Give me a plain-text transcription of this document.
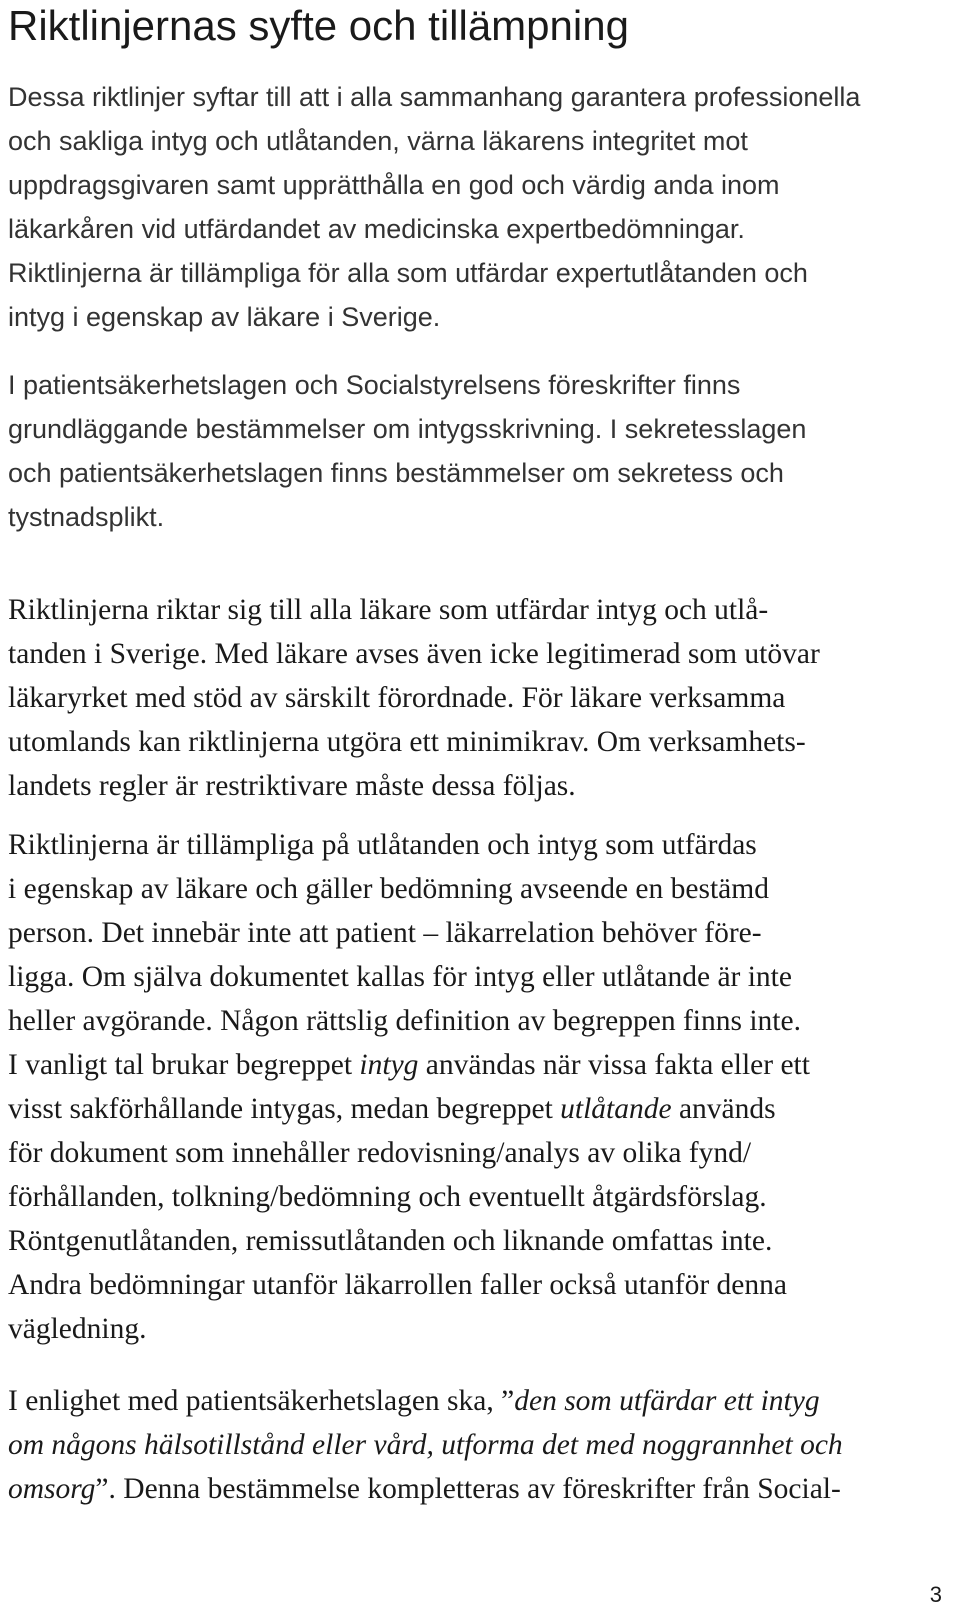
Riktlinjernas syfte och tillämpning
Dessa riktlinjer syftar till att i alla sammanhang garantera professionella
och sakliga intyg och utlåtanden, värna läkarens integritet mot
uppdragsgivaren samt upprätthålla en god och värdig anda inom
läkarkåren vid utfärdandet av medicinska expertbedömningar.
Riktlinjerna är tillämpliga för alla som utfärdar expertutlåtanden och
intyg i egenskap av läkare i Sverige.
I patientsäkerhetslagen och Socialstyrelsens föreskrifter finns
grundläggande bestämmelser om intygsskrivning. I sekretesslagen
och patientsäkerhetslagen finns bestämmelser om sekretess och
tystnadsplikt.
Riktlinjerna riktar sig till alla läkare som utfärdar intyg och utlå-
tanden i Sverige. Med läkare avses även icke legitimerad som utövar
läkaryrket med stöd av särskilt förordnade. För läkare verksamma
utomlands kan riktlinjerna utgöra ett minimikrav. Om verksamhets-
landets regler är restriktivare måste dessa följas.
Riktlinjerna är tillämpliga på utlåtanden och intyg som utfärdas
i egenskap av läkare och gäller bedömning avseende en bestämd
person. Det innebär inte att patient – läkarrelation behöver före-
ligga. Om själva dokumentet kallas för intyg eller utlåtande är inte
heller avgörande. Någon rättslig definition av begreppen finns inte.
I vanligt tal brukar begreppet intyg användas när vissa fakta eller ett
visst sakförhållande intygas, medan begreppet utlåtande används
för dokument som innehåller redovisning/analys av olika fynd/
förhållanden, tolkning/bedömning och eventuellt åtgärdsförslag.
Röntgenutlåtanden, remissutlåtanden och liknande omfattas inte.
Andra bedömningar utanför läkarrollen faller också utanför denna
vägledning.
I enlighet med patientsäkerhetslagen ska, ”den som utfärdar ett intyg
om någons hälsotillstånd eller vård, utforma det med noggrannhet och
omsorg”. Denna bestämmelse kompletteras av föreskrifter från Social-
3
